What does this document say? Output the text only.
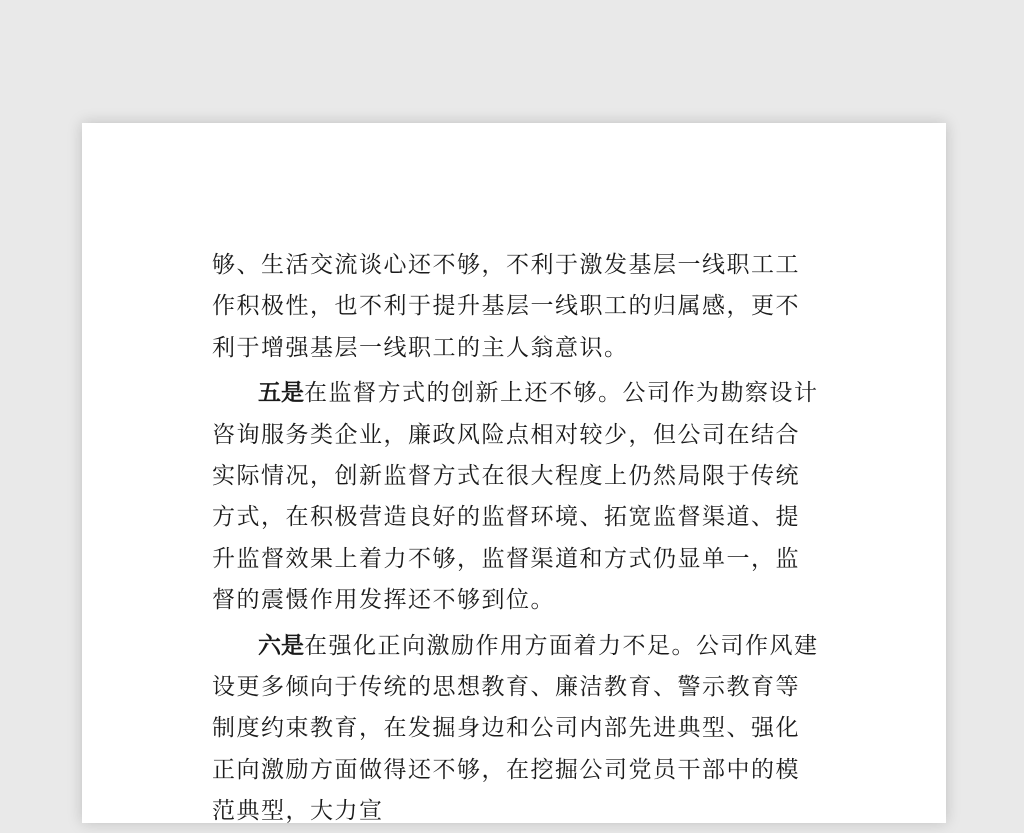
够、生活交流谈心还不够，不利于激发基层一线职工工作积极性，也不利于提升基层一线职工的归属感，更不利于增强基层一线职工的主人翁意识。

五是在监督方式的创新上还不够。公司作为勘察设计咨询服务类企业，廉政风险点相对较少，但公司在结合实际情况，创新监督方式在很大程度上仍然局限于传统方式，在积极营造良好的监督环境、拓宽监督渠道、提升监督效果上着力不够，监督渠道和方式仍显单一，监督的震慑作用发挥还不够到位。

六是在强化正向激励作用方面着力不足。公司作风建设更多倾向于传统的思想教育、廉洁教育、警示教育等制度约束教育，在发掘身边和公司内部先进典型、强化正向激励方面做得还不够，在挖掘公司党员干部中的模范典型，大力宣
